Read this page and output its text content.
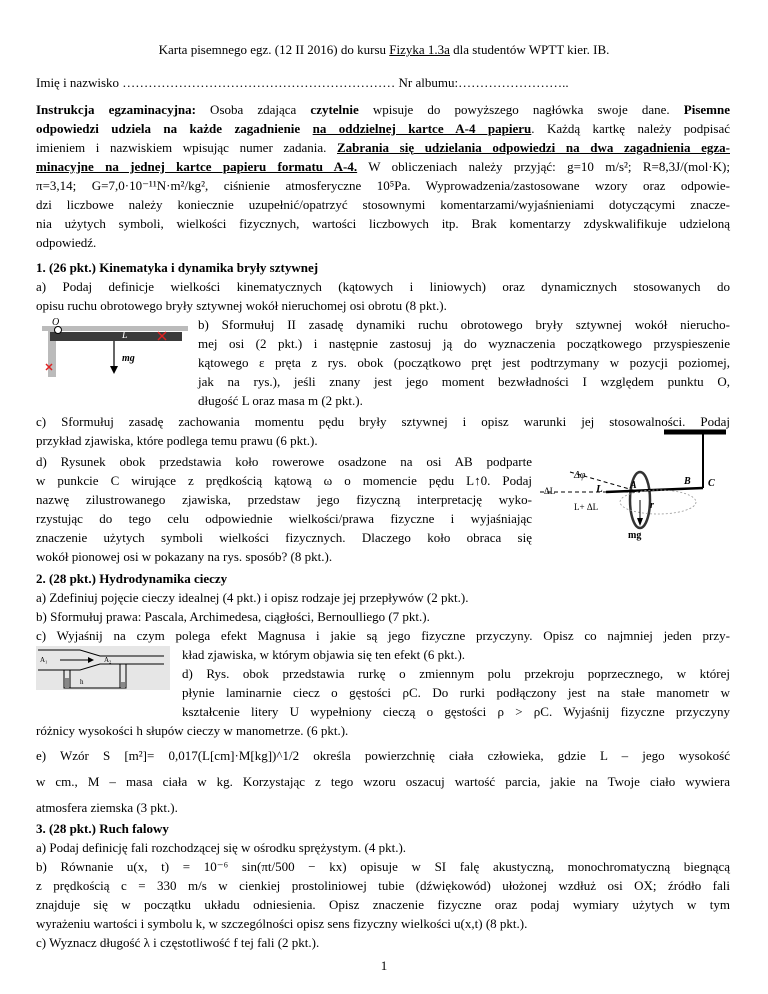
Karta pisemnego egz. (12 II 2016) do kursu Fizyka 1.3a dla studentów WPTT kier. IB.
Imię i nazwisko ……………………………………………………… Nr albumu:……………………..
Instrukcja egzaminacyjna: Osoba zdająca czytelnie wpisuje do powyższego nagłówka swoje dane. Pisemne
odpowiedzi udziela na każde zagadnienie na oddzielnej kartce A-4 papieru. Każdą kartkę należy podpisać
imieniem i nazwiskiem wpisując numer zadania. Zabrania się udzielania odpowiedzi na dwa zagadnienia egza-
minacyjne na jednej kartce papieru formatu A-4. W obliczeniach należy przyjąć: g=10 m/s²; R=8,3J/(mol·K);
π=3,14; G=7,0·10⁻¹¹N·m²/kg², ciśnienie atmosferyczne 10⁵Pa. Wyprowadzenia/zastosowane wzory oraz odpowie-
dzi liczbowe należy koniecznie uzupełnić/opatrzyć stosownymi komentarzami/wyjaśnieniami dotyczącymi znacze-
nia użytych symboli, wielkości fizycznych, wartości liczbowych itp. Brak komentarzy zdyskwalifikuje udzieloną
odpowiedź.
1. (26 pkt.) Kinematyka i dynamika bryły sztywnej
a) Podaj definicje wielkości kinematycznych (kątowych i liniowych) oraz dynamicznych stosowanych do
opisu ruchu obrotowego bryły sztywnej wokół nieruchomej osi obrotu (8 pkt.).
O
L
mg
b) Sformułuj II zasadę dynamiki ruchu obrotowego bryły sztywnej wokół nierucho-
mej osi (2 pkt.) i następnie zastosuj ją do wyznaczenia początkowego przyspieszenie
kątowego ε pręta z rys. obok (początkowo pręt jest podtrzymany w pozycji poziomej,
jak na rys.), jeśli znany jest jego moment bezwładności I względem punktu O,
długość L oraz masa m (2 pkt.).
c) Sformułuj zasadę zachowania momentu pędu bryły sztywnej i opisz warunki jej stosowalności. Podaj
przykład zjawiska, które podlega temu prawu (6 pkt.).
d) Rysunek obok przedstawia koło rowerowe osadzone na osi AB podparte
w punkcie C wirujące z prędkością kątową ω o momencie pędu L↑0. Podaj
nazwę zilustrowanego zjawiska, przedstaw jego fizyczną interpretację wyko-
rzystując do tego celu odpowiednie wielkości/prawa fizyczne i wyjaśniając
znaczenie użytych symboli wielkości fizycznych. Dlaczego koło obraca się
wokół pionowej osi w pokazany na rys. sposób? (8 pkt.).
Δφ
L
ΔL
L+ ΔL
A	B C
r
mg
2. (28 pkt.) Hydrodynamika cieczy
a) Zdefiniuj pojęcie cieczy idealnej (4 pkt.) i opisz rodzaje jej przepływów (2 pkt.).
b) Sformułuj prawa: Pascala, Archimedesa, ciągłości, Bernoulliego (7 pkt.).
c) Wyjaśnij na czym polega efekt Magnusa i jakie są jego fizyczne przyczyny. Opisz co najmniej jeden przy-
A₁	A₂
h
kład zjawiska, w którym objawia się ten efekt (6 pkt.).
d) Rys. obok przedstawia rurkę o zmiennym polu przekroju poprzecznego, w której
płynie laminarnie ciecz o gęstości ρC. Do rurki podłączony jest na stałe manometr w
kształcenie litery U wypełniony cieczą o gęstości ρ > ρC. Wyjaśnij fizyczne przyczyny
różnicy wysokości h słupów cieczy w manometrze. (6 pkt.).
e) Wzór S [m²]= 0,017(L[cm]·M[kg])^1/2 określa powierzchnię ciała człowieka, gdzie L – jego wysokość
w cm., M – masa ciała w kg. Korzystając z tego wzoru oszacuj wartość parcia, jakie na Twoje ciało wywiera
atmosfera ziemska (3 pkt.).
3. (28 pkt.) Ruch falowy
a) Podaj definicję fali rozchodzącej się w ośrodku sprężystym. (4 pkt.).
b) Równanie u(x, t) = 10⁻⁶ sin(πt/500 − kx) opisuje w SI falę akustyczną, monochromatyczną biegnącą
z prędkością c = 330 m/s w cienkiej prostoliniowej tubie (dźwiękowód) ułożonej wzdłuż osi OX; źródło fali
znajduje się w początku układu odniesienia. Opisz znaczenie fizyczne oraz podaj wymiary użytych w tym
wyrażeniu wartości i symbolu k, w szczególności opisz sens fizyczny wielkości u(x,t) (8 pkt.).
c) Wyznacz długość λ i częstotliwość f tej fali (2 pkt.).
1
